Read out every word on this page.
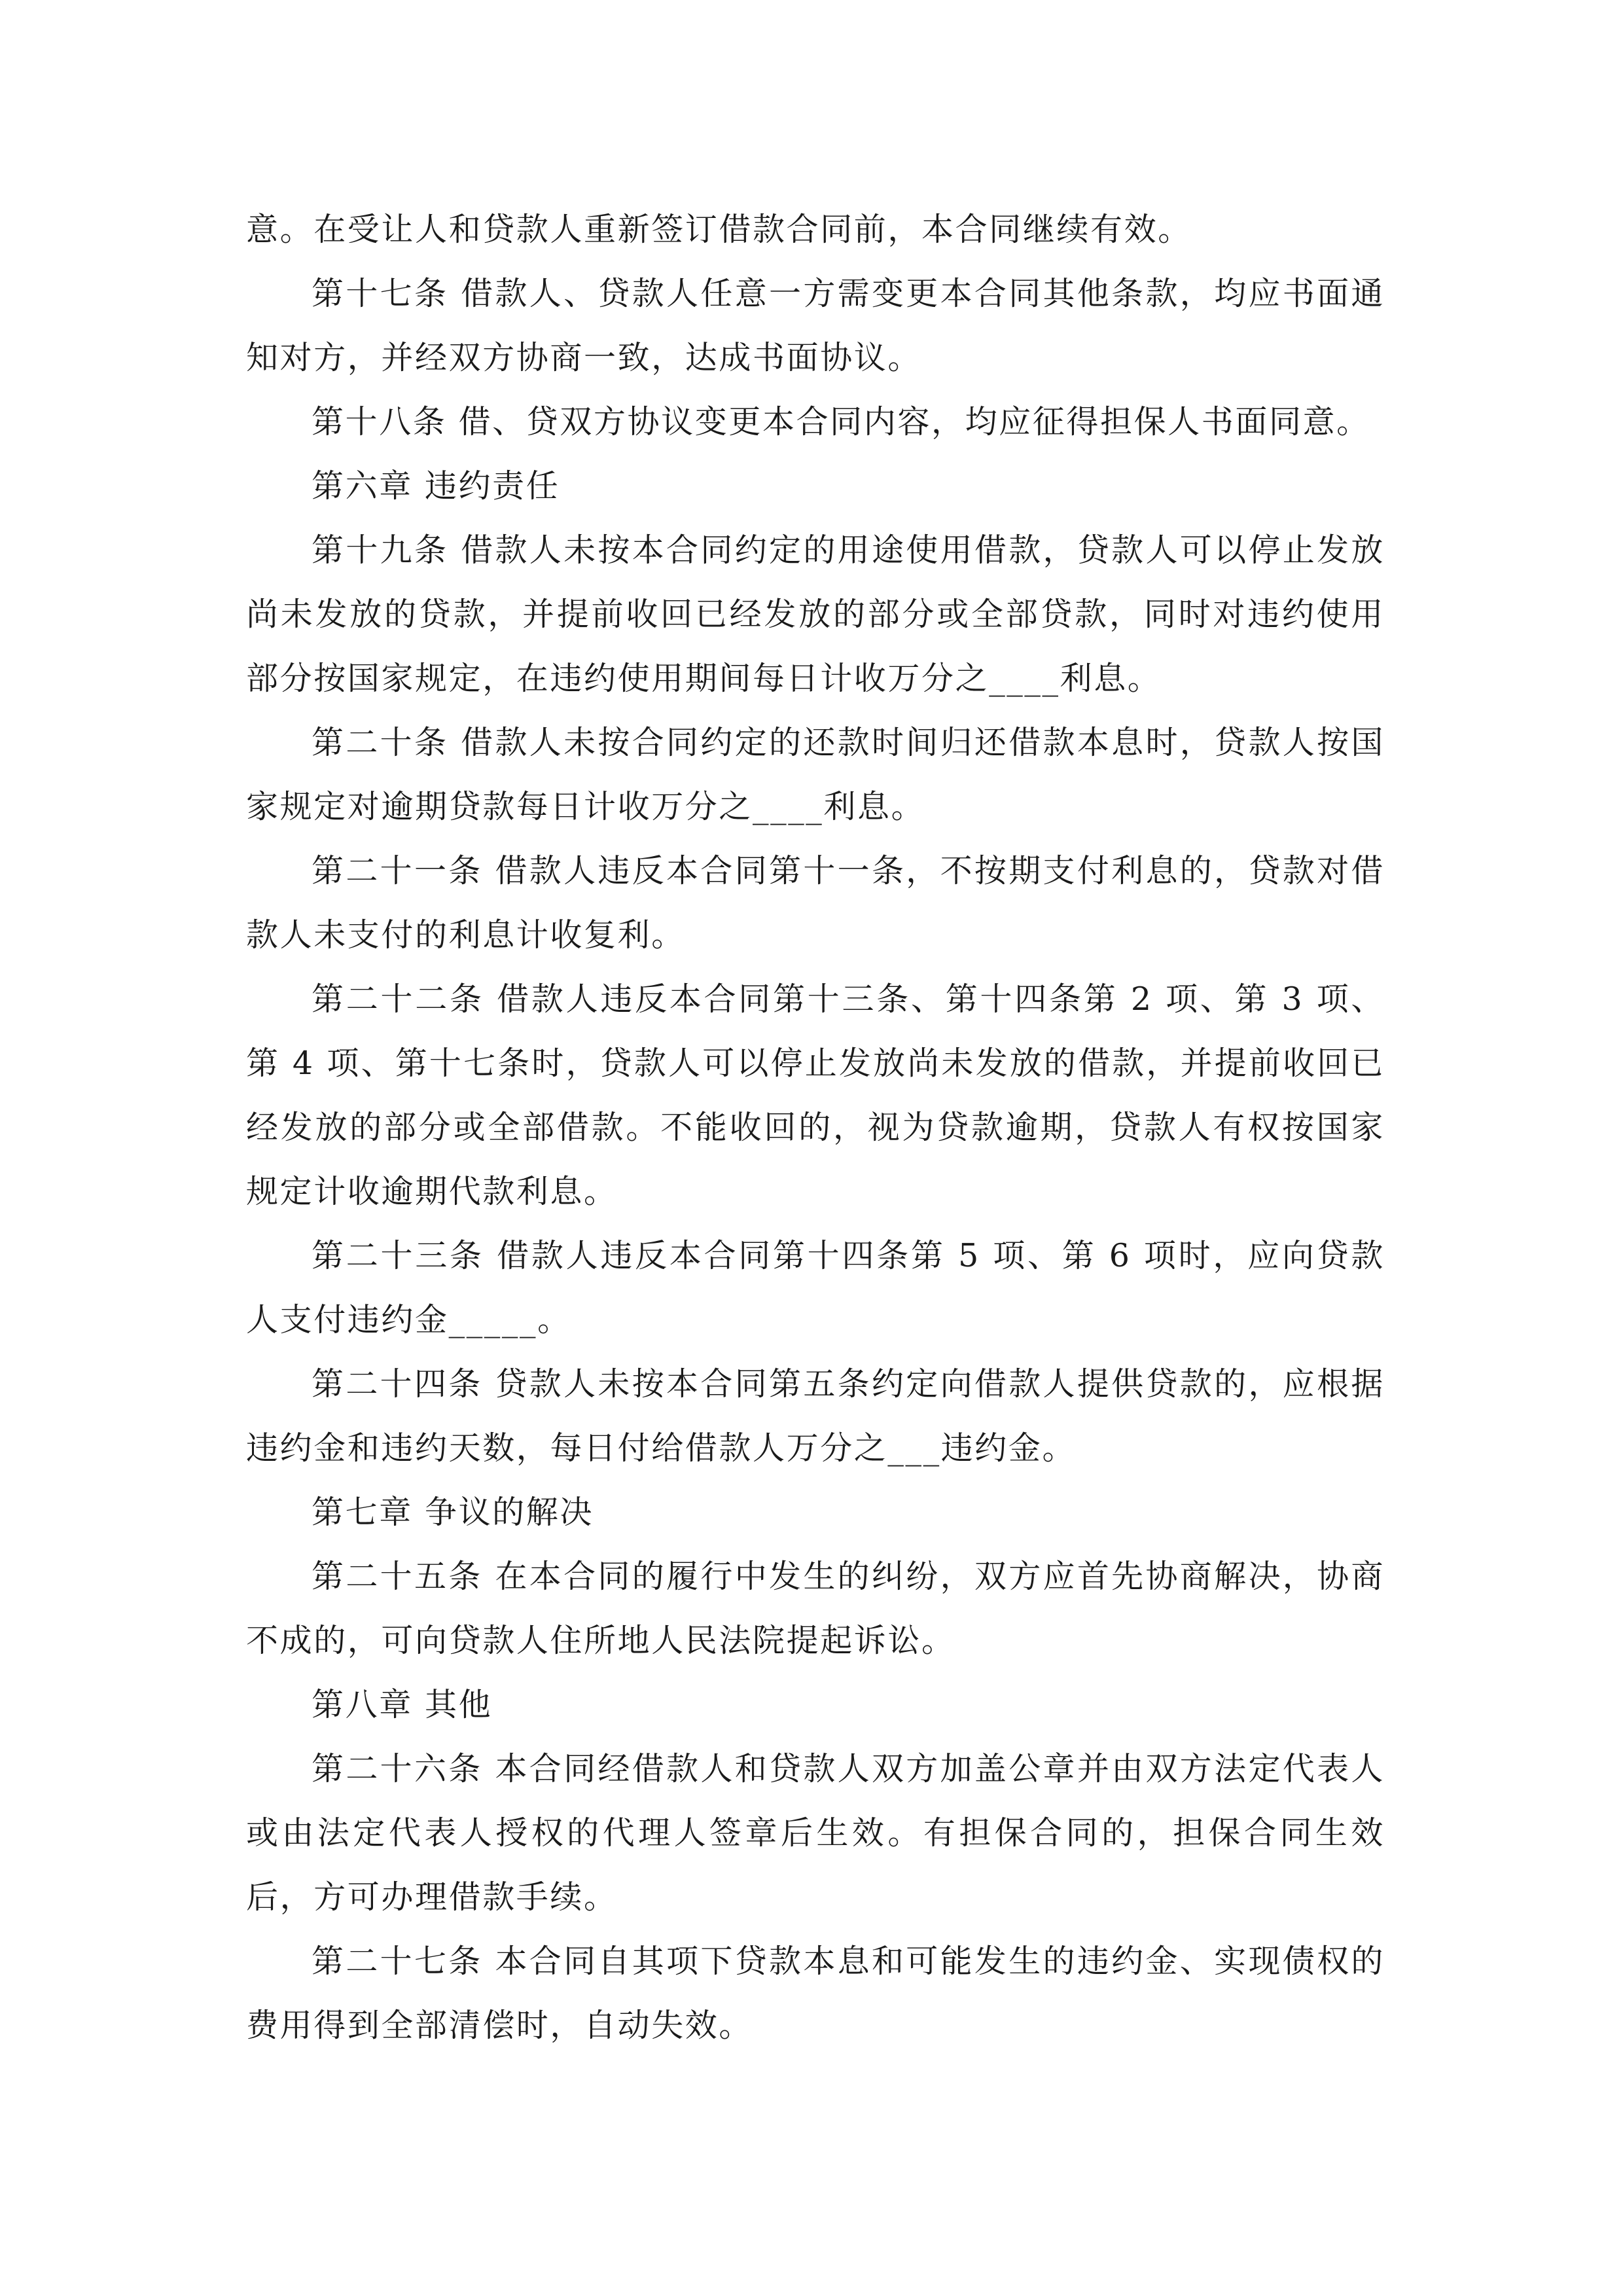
意。在受让人和贷款人重新签订借款合同前，本合同继续有效。

第十七条 借款人、贷款人任意一方需变更本合同其他条款，均应书面通知对方，并经双方协商一致，达成书面协议。

第十八条 借、贷双方协议变更本合同内容，均应征得担保人书面同意。

第六章 违约责任

第十九条 借款人未按本合同约定的用途使用借款，贷款人可以停止发放尚未发放的贷款，并提前收回已经发放的部分或全部贷款，同时对违约使用部分按国家规定，在违约使用期间每日计收万分之____利息。

第二十条 借款人未按合同约定的还款时间归还借款本息时，贷款人按国家规定对逾期贷款每日计收万分之____利息。

第二十一条 借款人违反本合同第十一条，不按期支付利息的，贷款对借款人未支付的利息计收复利。

第二十二条 借款人违反本合同第十三条、第十四条第 2 项、第 3 项、第 4 项、第十七条时，贷款人可以停止发放尚未发放的借款，并提前收回已经发放的部分或全部借款。不能收回的，视为贷款逾期，贷款人有权按国家规定计收逾期代款利息。

第二十三条 借款人违反本合同第十四条第 5 项、第 6 项时，应向贷款人支付违约金_____。

第二十四条 贷款人未按本合同第五条约定向借款人提供贷款的，应根据违约金和违约天数，每日付给借款人万分之___违约金。

第七章 争议的解决

第二十五条 在本合同的履行中发生的纠纷，双方应首先协商解决，协商不成的，可向贷款人住所地人民法院提起诉讼。

第八章 其他

第二十六条 本合同经借款人和贷款人双方加盖公章并由双方法定代表人或由法定代表人授权的代理人签章后生效。有担保合同的，担保合同生效后，方可办理借款手续。

第二十七条 本合同自其项下贷款本息和可能发生的违约金、实现债权的费用得到全部清偿时，自动失效。
